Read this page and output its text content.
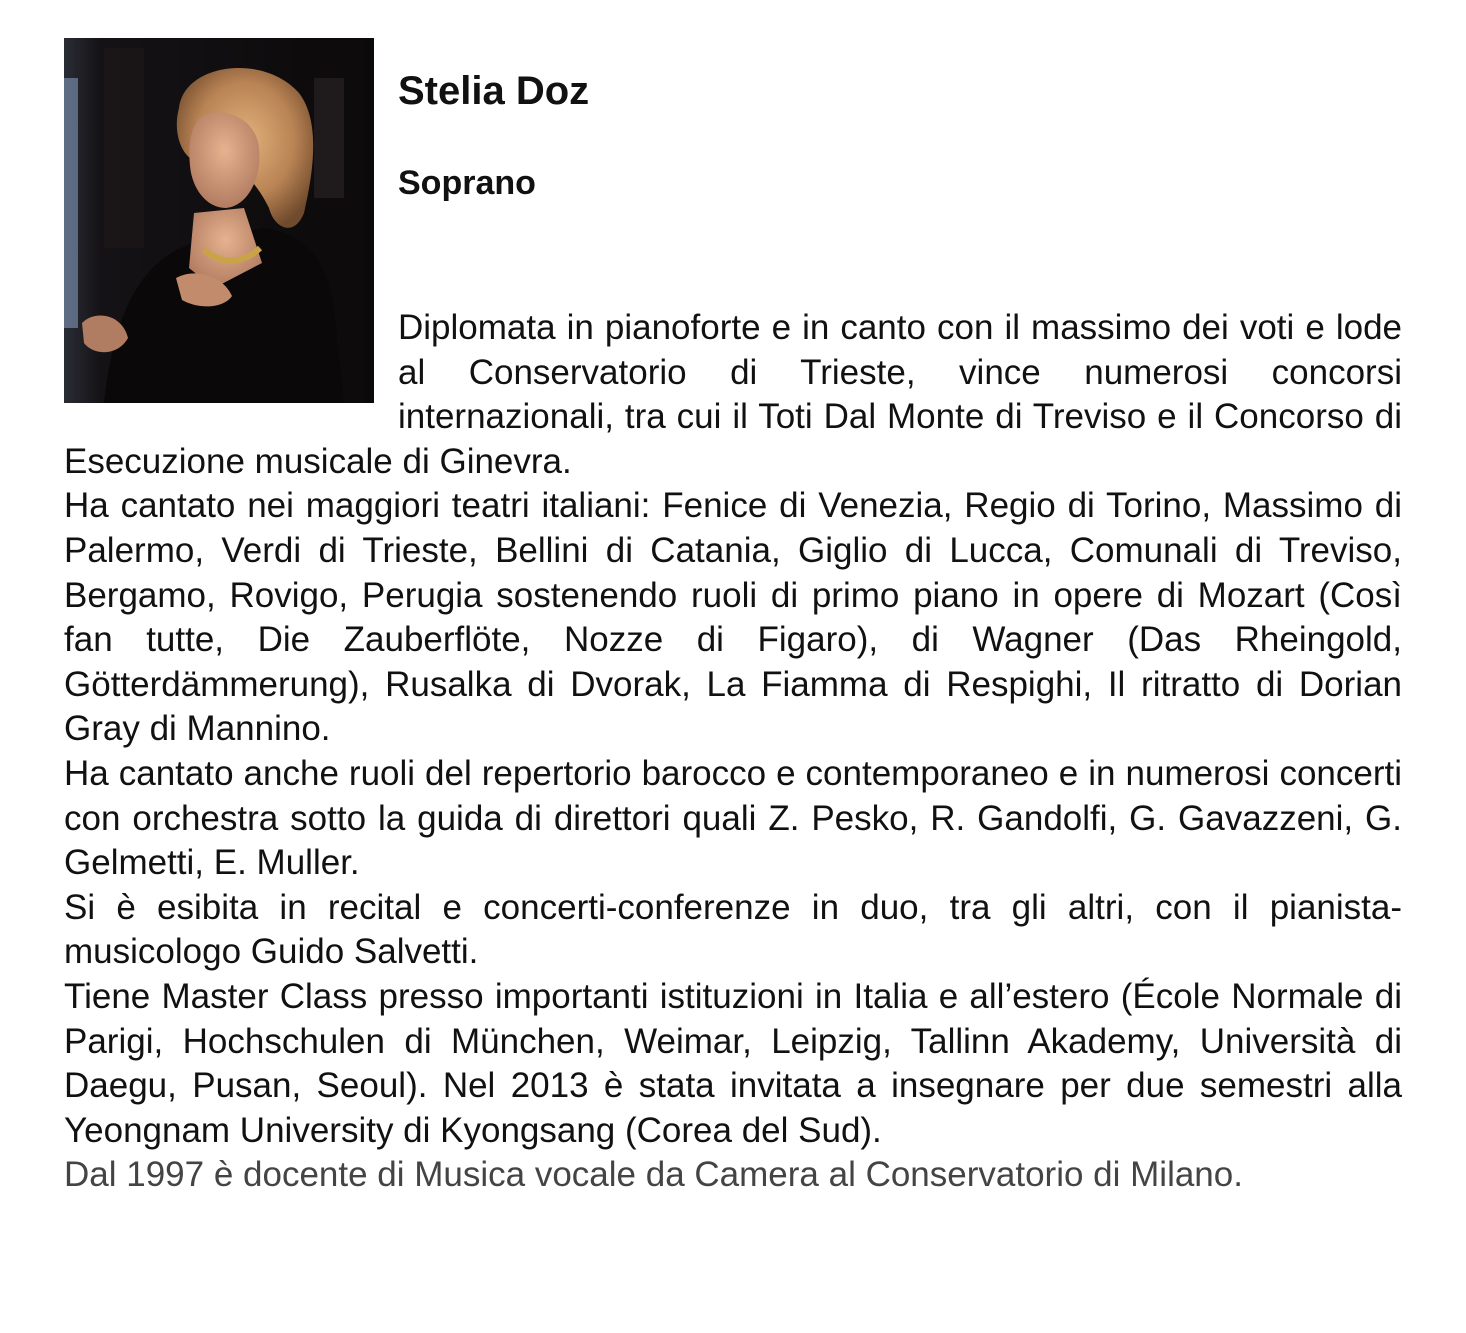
Stelia Doz
Soprano

Diplomata in pianoforte e in canto con il massimo dei voti e lode al Conservatorio di Trieste, vince numerosi concorsi internazionali, tra cui il Toti Dal Monte di Treviso e il Concorso di Esecuzione musicale di Ginevra.

Ha cantato nei maggiori teatri italiani: Fenice di Venezia, Regio di Torino, Massimo di Palermo, Verdi di Trieste, Bellini di Catania, Giglio di Lucca, Comunali di Treviso, Bergamo, Rovigo, Perugia sostenendo ruoli di primo piano in opere di Mozart (Così fan tutte, Die Zauberflöte, Nozze di Figaro), di Wagner (Das Rheingold, Götterdämmerung), Rusalka di Dvorak, La Fiamma di Respighi, Il ritratto di Dorian Gray di Mannino.

Ha cantato anche ruoli del repertorio barocco e contemporaneo e in numerosi concerti con orchestra sotto la guida di direttori quali Z. Pesko, R. Gandolfi, G. Gavazzeni, G. Gelmetti, E. Muller.

Si è esibita in recital e concerti-conferenze in duo, tra gli altri, con il pianista-musicologo Guido Salvetti.

Tiene Master Class presso importanti istituzioni in Italia e all’estero (École Normale di Parigi, Hochschulen di München, Weimar, Leipzig, Tallinn Akademy, Università di Daegu, Pusan, Seoul). Nel 2013 è stata invitata a insegnare per due semestri alla Yeongnam University di Kyongsang (Corea del Sud).

Dal 1997 è docente di Musica vocale da Camera al Conservatorio di Milano.
